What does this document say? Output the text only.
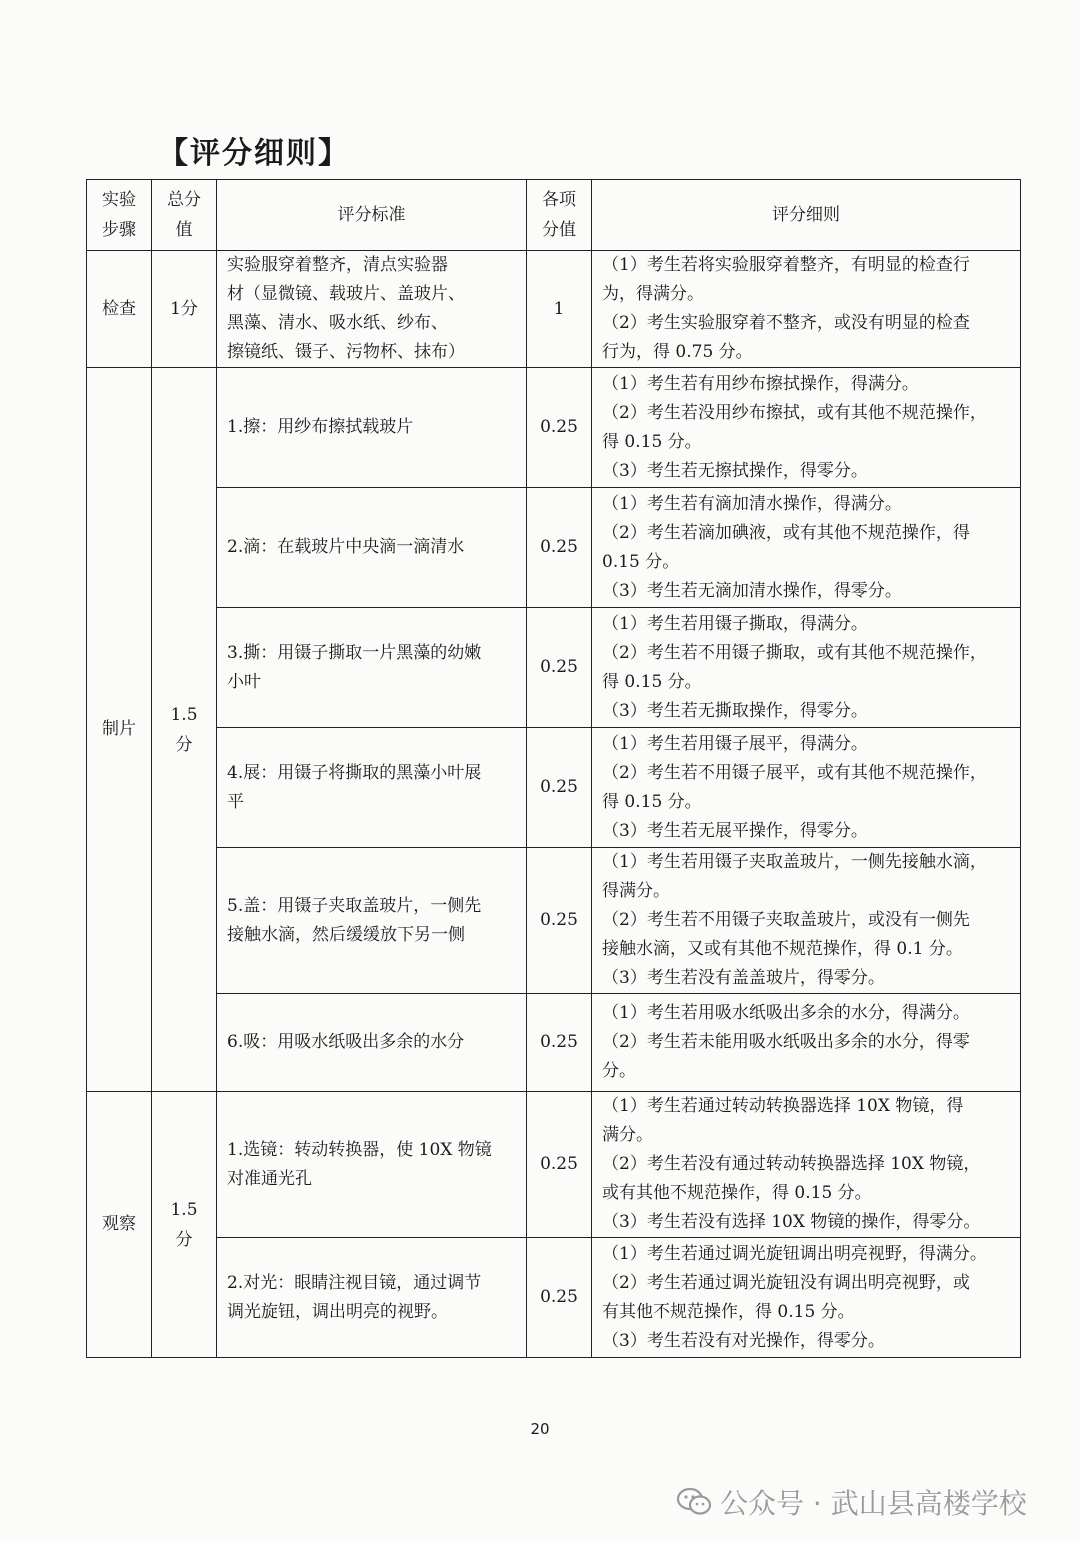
【评分细则】
实验步骤	总分值	评分标准	各项分值	评分细则
检查	1分	实验服穿着整齐，清点实验器
材（显微镜、载玻片、盖玻片、
黑藻、清水、吸水纸、纱布、
擦镜纸、镊子、污物杯、抹布）	1	（1）考生若将实验服穿着整齐，有明显的检查行
为，得满分。
（2）考生实验服穿着不整齐，或没有明显的检查
行为，得 0.75 分。

制片	1.5 分	1.擦：用纱布擦拭载玻片	0.25	（1）考生若有用纱布擦拭操作，得满分。
（2）考生若没用纱布擦拭，或有其他不规范操作，
得 0.15 分。
（3）考生若无擦拭操作，得零分。

		2.滴：在载玻片中央滴一滴清水	0.25	（1）考生若有滴加清水操作，得满分。
（2）考生若滴加碘液，或有其他不规范操作，得
0.15 分。
（3）考生若无滴加清水操作，得零分。

		3.撕：用镊子撕取一片黑藻的幼嫩
小叶	0.25	（1）考生若用镊子撕取，得满分。
（2）考生若不用镊子撕取，或有其他不规范操作，
得 0.15 分。
（3）考生若无撕取操作，得零分。

		4.展：用镊子将撕取的黑藻小叶展
平	0.25	（1）考生若用镊子展平，得满分。
（2）考生若不用镊子展平，或有其他不规范操作，
得 0.15 分。
（3）考生若无展平操作，得零分。

		5.盖：用镊子夹取盖玻片，一侧先
接触水滴，然后缓缓放下另一侧	0.25	（1）考生若用镊子夹取盖玻片，一侧先接触水滴，
得满分。
（2）考生若不用镊子夹取盖玻片，或没有一侧先
接触水滴，又或有其他不规范操作，得 0.1 分。
（3）考生若没有盖盖玻片，得零分。

		6.吸：用吸水纸吸出多余的水分	0.25	（1）考生若用吸水纸吸出多余的水分，得满分。
（2）考生若未能用吸水纸吸出多余的水分，得零
分。

观察	1.5 分	1.选镜：转动转换器，使 10X 物镜
对准通光孔	0.25	（1）考生若通过转动转换器选择 10X 物镜，得
满分。
（2）考生若没有通过转动转换器选择 10X 物镜，
或有其他不规范操作，得 0.15 分。
（3）考生若没有选择 10X 物镜的操作，得零分。

		2.对光：眼睛注视目镜，通过调节
调光旋钮，调出明亮的视野。	0.25	（1）考生若通过调光旋钮调出明亮视野，得满分。
（2）考生若通过调光旋钮没有调出明亮视野，或
有其他不规范操作，得 0.15 分。
（3）考生若没有对光操作，得零分。
20
公众号 · 武山县高楼学校
